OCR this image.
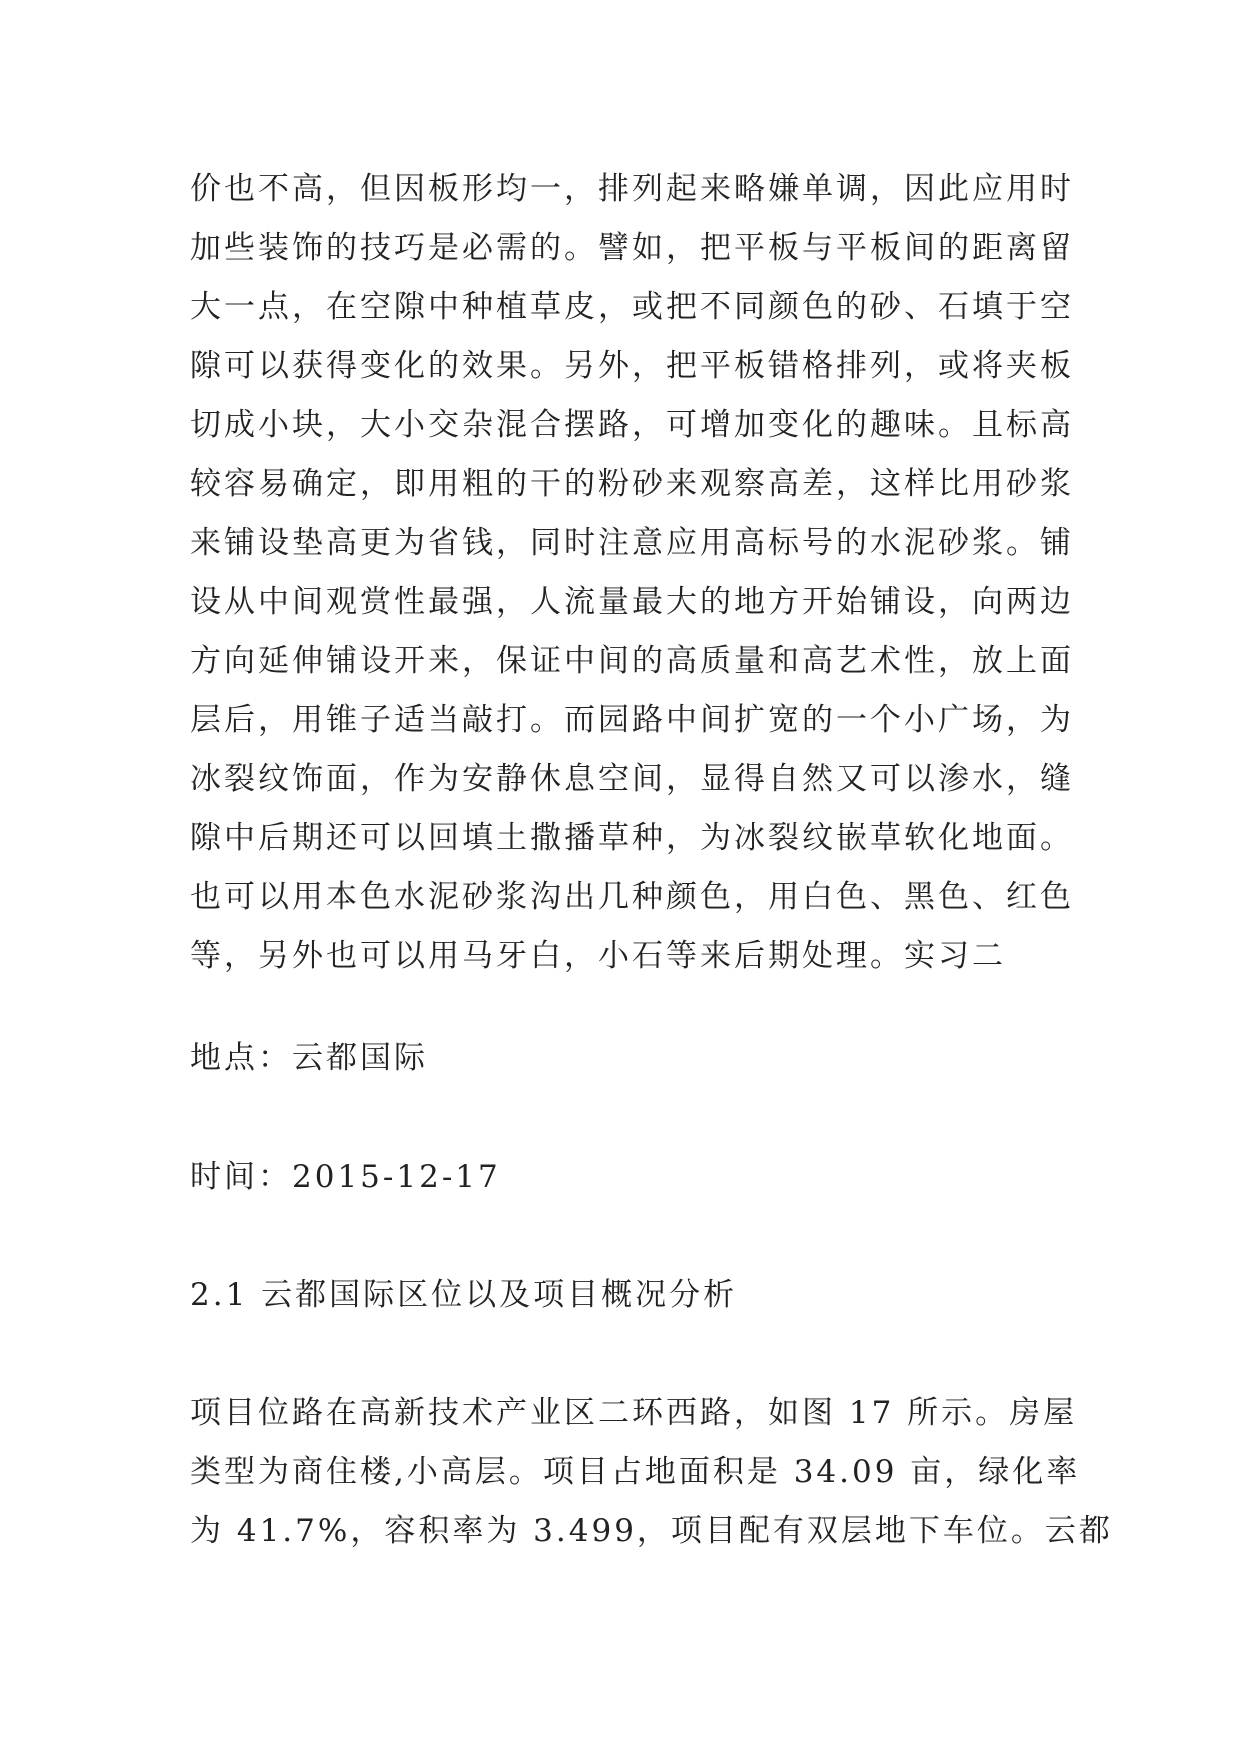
价也不高，但因板形均一，排列起来略嫌单调，因此应用时
加些装饰的技巧是必需的。譬如，把平板与平板间的距离留
大一点，在空隙中种植草皮，或把不同颜色的砂、石填于空
隙可以获得变化的效果。另外，把平板错格排列，或将夹板
切成小块，大小交杂混合摆路，可增加变化的趣味。且标高
较容易确定，即用粗的干的粉砂来观察高差，这样比用砂浆
来铺设垫高更为省钱，同时注意应用高标号的水泥砂浆。铺
设从中间观赏性最强，人流量最大的地方开始铺设，向两边
方向延伸铺设开来，保证中间的高质量和高艺术性，放上面
层后，用锥子适当敲打。而园路中间扩宽的一个小广场，为
冰裂纹饰面，作为安静休息空间，显得自然又可以渗水，缝
隙中后期还可以回填土撒播草种，为冰裂纹嵌草软化地面。
也可以用本色水泥砂浆沟出几种颜色，用白色、黑色、红色
等，另外也可以用马牙白，小石等来后期处理。实习二
地点：云都国际
时间：2015-12-17
2.1 云都国际区位以及项目概况分析
项目位路在高新技术产业区二环西路，如图 17 所示。房屋
类型为商住楼,小高层。项目占地面积是 34.09 亩，绿化率
为 41.7%，容积率为 3.499，项目配有双层地下车位。云都
